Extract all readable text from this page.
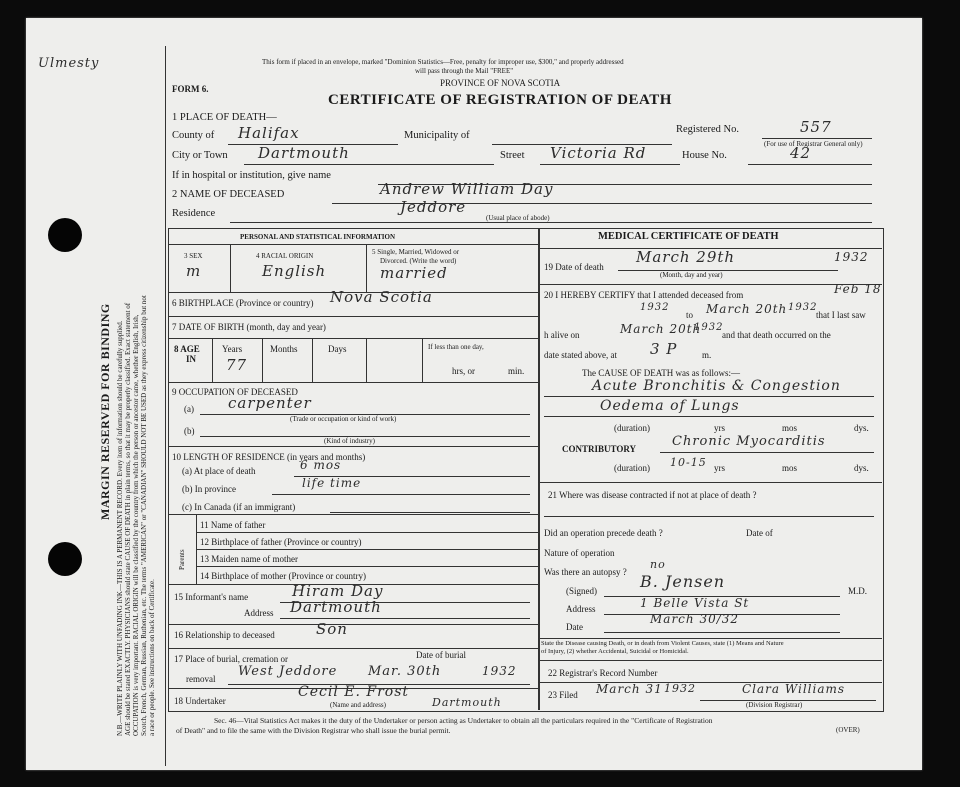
Ulmesty
MARGIN RESERVED FOR BINDING N.B.—WRITE PLAINLY WITH UNFADING INK—THIS IS A PERMANENT RECORD. Every item of information should be carefully supplied. AGE should be stated EXACTLY. PHYSICIANS should state CAUSE OF DEATH in plain terms, so that it may be properly classified. Exact statement of OCCUPATION is very important. RACIAL ORIGIN will be classified by the country from which the person or ancestor came, whether English, Irish, Scotch, French, German, Russian, Ruthenian, etc. The terms "AMERICAN" or "CANADIAN" SHOULD NOT BE USED as they express citizenship but not a race or people. See instructions on back of Certificate.
This form if placed in an envelope, marked "Dominion Statistics—Free, penalty for improper use, $300," and properly addressed
will pass through the Mail "FREE"
PROVINCE OF NOVA SCOTIA
FORM 6.
CERTIFICATE OF REGISTRATION OF DEATH
1 PLACE OF DEATH—
County of Halifax	Municipality of
Registered No.	557
(For use of Registrar General only)
City or Town Dartmouth	Street Victoria Rd	House No.	42
If in hospital or institution, give name
2 NAME OF DECEASED	Andrew William Day
Residence	Jeddore
(Usual place of abode)
PERSONAL AND STATISTICAL INFORMATION
3 SEX
m
4 RACIAL ORIGIN
English
5 Single, Married, Widowed or
Divorced. (Write the word)
married
6 BIRTHPLACE (Province or country) Nova Scotia
7 DATE OF BIRTH (month, day and year)
8 AGE
IN
Years
77
Months	Days	If less than one day,
hrs, or	min.
9 OCCUPATION OF DECEASED
(a) carpenter
(Trade or occupation or kind of work)
(b)
(Kind of industry)
10 LENGTH OF RESIDENCE (in years and months)
(a) At place of death	6 mos
(b) In province	life time
(c) In Canada (if an immigrant)
Parents
11 Name of father
12 Birthplace of father (Province or country)
13 Maiden name of mother
14 Birthplace of mother (Province or country)
15 Informant's name	Hiram Day
Address Dartmouth
16 Relationship to deceased	Son
17 Place of burial, cremation or	Date of burial
removal West Jeddore Mar. 30th	1932
18 Undertaker
Cecil E. Frost
Dartmouth
(Name and address)
MEDICAL CERTIFICATE OF DEATH
19 Date of death
March 29th
(Month, day and year)
1932
20 I HEREBY CERTIFY that I attended deceased from	Feb 18
1932
to March 20th 1932
that I last saw
h alive on	March 20th
1932
and that death occurred on the
date stated above, at 3 P	m.
The CAUSE OF DEATH was as follows:—
Acute Bronchitis & Congestion
Oedema of Lungs
(duration)	yrs	mos	dys.
CONTRIBUTORY	Chronic Myocarditis
(duration) 10-15 yrs	mos	dys.
21 Where was disease contracted if not at place of death ?
Did an operation precede death ?	Date of
Nature of operation
Was there an autopsy ?
no
(Signed)	B. Jensen	M.D.
Address	1 Belle Vista St
Date
March 30/32
State the Disease causing Death, or in death from Violent Causes, state (1) Means and Nature
of Injury, (2) whether Accidental, Suicidal or Homicidal.
22 Registrar's Record Number
23 Filed March 31 1932	Clara Williams
(Division Registrar)
Sec. 46—Vital Statistics Act makes it the duty of the Undertaker or person acting as Undertaker to obtain all the particulars required in the "Certificate of Registration
of Death" and to file the same with the Division Registrar who shall issue the burial permit.	(OVER)
